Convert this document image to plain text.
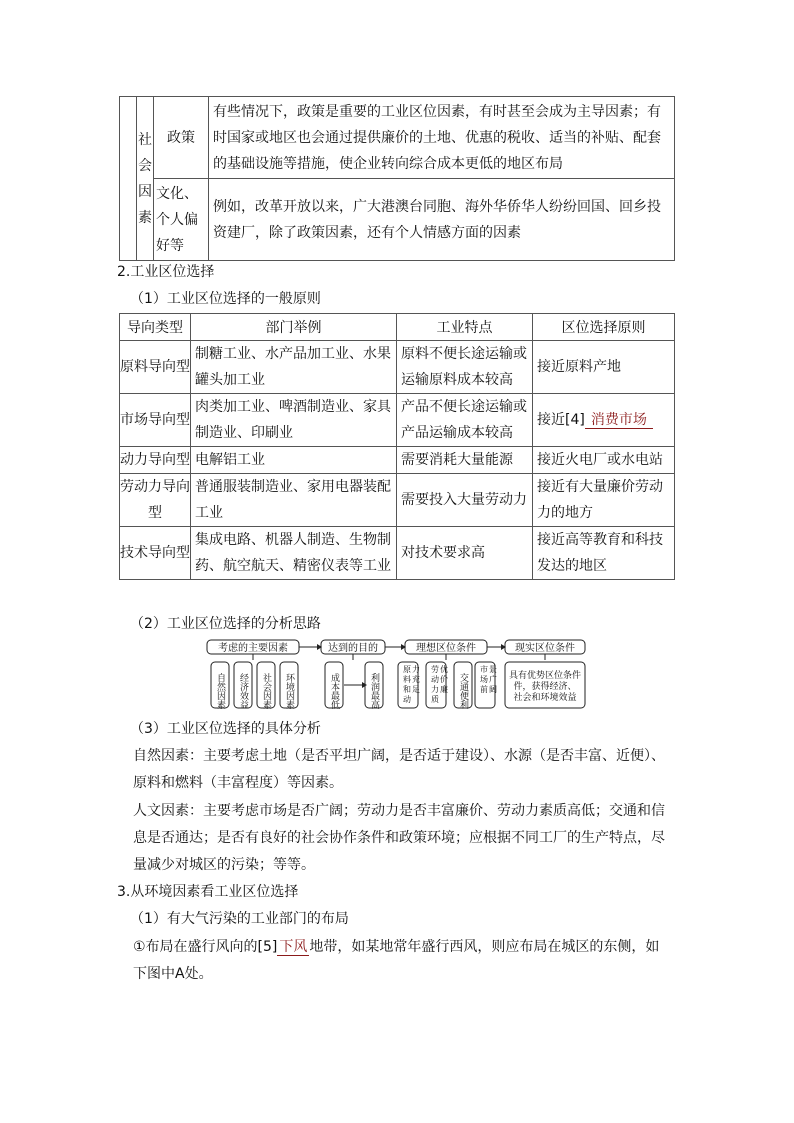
	社会因素	政策	有些情况下，政策是重要的工业区位因素，有时甚至会成为主导因素；有时国家或地区也会通过提供廉价的土地、优惠的税收、适当的补贴、配套的基础设施等措施，使企业转向综合成本更低的地区布局
		文化、个人偏好等	例如，改革开放以来，广大港澳台同胞、海外华侨华人纷纷回国、回乡投资建厂，除了政策因素，还有个人情感方面的因素
2.工业区位选择
（1）工业区位选择的一般原则
导向类型	部门举例	工业特点	区位选择原则
原料导向型	制糖工业、水产品加工业、水果罐头加工业	原料不便长途运输或运输原料成本较高	接近原料产地
市场导向型	肉类加工业、啤酒制造业、家具制造业、印刷业	产品不便长途运输或产品运输成本较高	接近[4] 消费市场
动力导向型	电解铝工业	需要消耗大量能源	接近火电厂或水电站
劳动力导向型	普通服装制造业、家用电器装配工业	需要投入大量劳动力	接近有大量廉价劳动力的地方
技术导向型	集成电路、机器人制造、生物制药、航空航天、精密仪表等工业	对技术要求高	接近高等教育和科技发达的地区
（2）工业区位选择的分析思路
考虑的主要因素	达到的目的	理想区位条件	现实区位条件
自然因素 经济效益 社会因素 环境因素	成本最低	利润最高	交通便利	具有优势区位条件
件，获得经济、
社会和环境效益
原料和动力充足
劳动力质优价廉
市场前景广阔
（3）工业区位选择的具体分析
自然因素：主要考虑土地（是否平坦广阔，是否适于建设）、水源（是否丰富、近便）、原料和燃料（丰富程度）等因素。
人文因素：主要考虑市场是否广阔；劳动力是否丰富廉价、劳动力素质高低；交通和信息是否通达；是否有良好的社会协作条件和政策环境；应根据不同工厂的生产特点，尽量减少对城区的污染；等等。
3.从环境因素看工业区位选择
（1）有大气污染的工业部门的布局
①布局在盛行风向的[5] 下风 地带，如某地常年盛行西风，则应布局在城区的东侧，如下图中A处。
